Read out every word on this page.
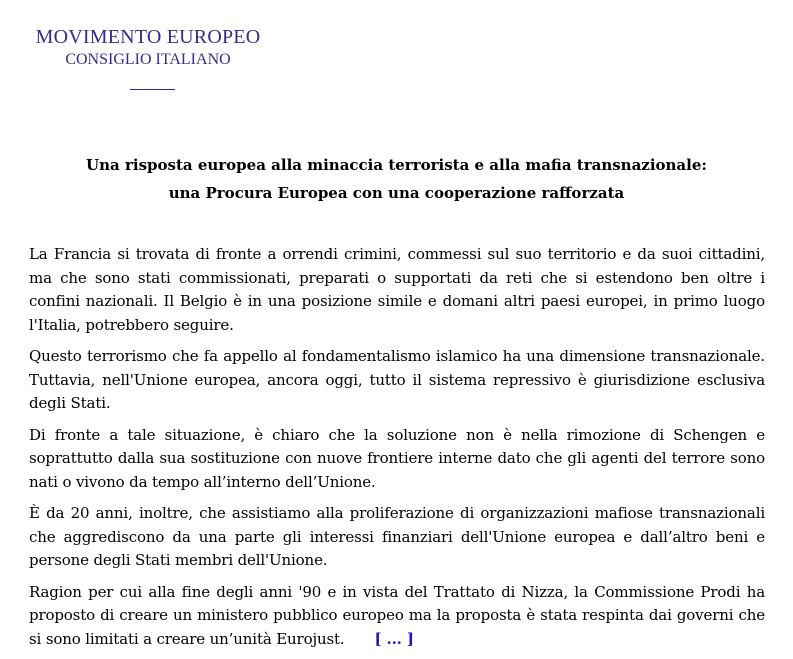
MOVIMENTO EUROPEO
CONSIGLIO ITALIANO
Una risposta europea alla minaccia terrorista e alla mafia transnazionale:
una Procura Europea con una cooperazione rafforzata

La Francia si trovata di fronte a orrendi crimini, commessi sul suo territorio e da suoi cittadini, ma che sono stati commissionati, preparati o supportati da reti che si estendono ben oltre i confini nazionali. Il Belgio è in una posizione simile e domani altri paesi europei, in primo luogo l'Italia, potrebbero seguire.

Questo terrorismo che fa appello al fondamentalismo islamico ha una dimensione transnazionale. Tuttavia, nell'Unione europea, ancora oggi, tutto il sistema repressivo è giurisdizione esclusiva degli Stati.

Di fronte a tale situazione, è chiaro che la soluzione non è nella rimozione di Schengen e soprattutto dalla sua sostituzione con nuove frontiere interne dato che gli agenti del terrore sono nati o vivono da tempo all’interno dell’Unione.

È da 20 anni, inoltre, che assistiamo alla proliferazione di organizzazioni mafiose transnazionali che aggrediscono da una parte gli interessi finanziari dell'Unione europea e dall’altro beni e persone degli Stati membri dell'Unione.

Ragion per cui alla fine degli anni '90 e in vista del Trattato di Nizza, la Commissione Prodi ha proposto di creare un ministero pubblico europeo ma la proposta è stata respinta dai governi che si sono limitati a creare un’unità Eurojust. [ ... ]
